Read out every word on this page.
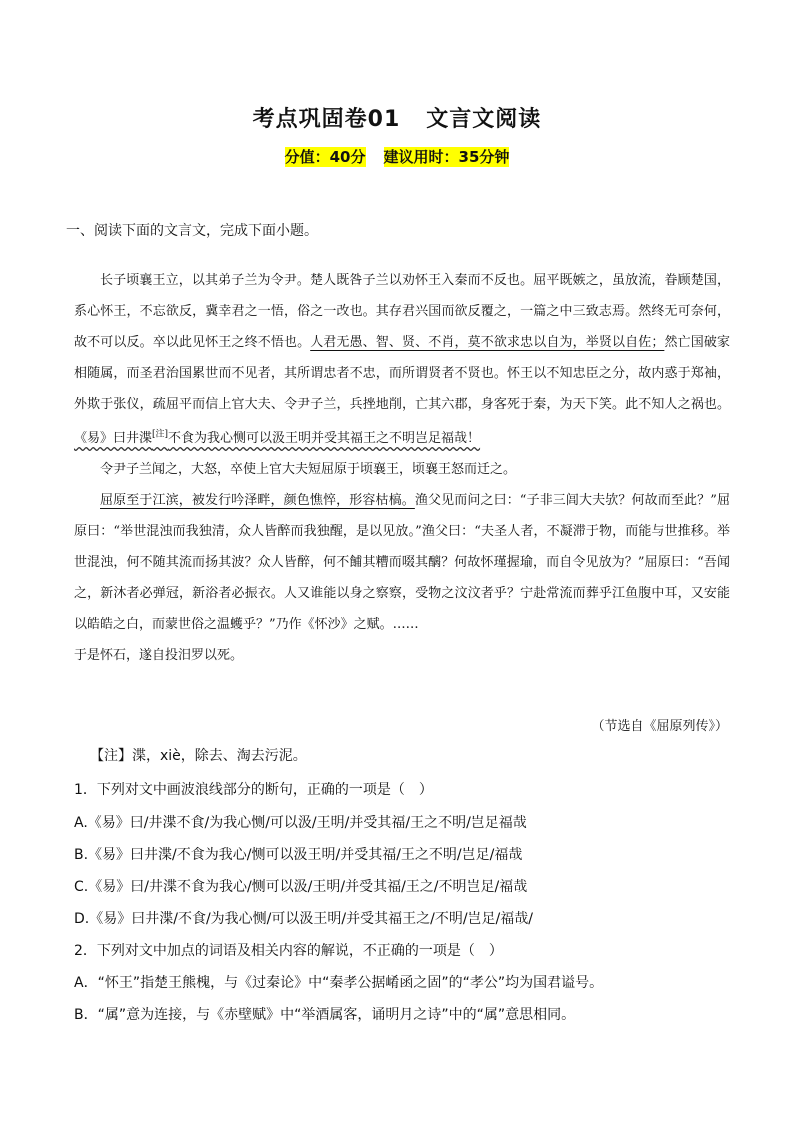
考点巩固卷01 文言文阅读
分值：40分 建议用时：35分钟
一、阅读下面的文言文，完成下面小题。

长子顷襄王立，以其弟子兰为令尹。楚人既咎子兰以劝怀王入秦而不反也。屈平既嫉之，虽放流，眷顾楚国，系心怀王，不忘欲反，冀幸君之一悟，俗之一改也。其存君兴国而欲反覆之，一篇之中三致志焉。然终无可奈何，故不可以反。卒以此见怀王之终不悟也。人君无愚、智、贤、不肖，莫不欲求忠以自为，举贤以自佐；然亡国破家相随属，而圣君治国累世而不见者，其所谓忠者不忠，而所谓贤者不贤也。怀王以不知忠臣之分，故内惑于郑袖，外欺于张仪，疏屈平而信上官大夫、令尹子兰，兵挫地削，亡其六郡，身客死于秦，为天下笑。此不知人之祸也。《易》曰井渫[注]不食为我心恻可以汲王明并受其福王之不明岂足福哉！

令尹子兰闻之，大怒，卒使上官大夫短屈原于顷襄王，顷襄王怒而迁之。

屈原至于江滨，被发行吟泽畔，颜色憔悴，形容枯槁。渔父见而问之曰：“子非三闾大夫欤？何故而至此？”屈原曰：“举世混浊而我独清，众人皆醉而我独醒，是以见放。”渔父曰：“夫圣人者，不凝滞于物，而能与世推移。举世混浊，何不随其流而扬其波？众人皆醉，何不餔其糟而啜其醨？何故怀瑾握瑜，而自令见放为？”屈原曰：“吾闻之，新沐者必弹冠，新浴者必振衣。人又谁能以身之察察，受物之汶汶者乎？宁赴常流而葬乎江鱼腹中耳，又安能以皓皓之白，而蒙世俗之温蠖乎？”乃作《怀沙》之赋。……

于是怀石，遂自投汨罗以死。

（节选自《屈原列传》）
【注】渫，xiè，除去、淘去污泥。
1．下列对文中画波浪线部分的断句，正确的一项是（　）
A.《易》曰/井渫不食/为我心恻/可以汲/王明/并受其福/王之不明/岂足福哉
B.《易》曰井渫/不食为我心/恻可以汲王明/并受其福/王之不明/岂足/福哉
C.《易》曰/井渫不食为我心/恻可以汲/王明/并受其福/王之/不明岂足/福哉
D.《易》曰井渫/不食/为我心恻/可以汲王明/并受其福王之/不明/岂足/福哉/
2．下列对文中加点的词语及相关内容的解说，不正确的一项是（　）
A．“怀王”指楚王熊槐，与《过秦论》中“秦孝公据崤函之固”的“孝公”均为国君谥号。
B．“属”意为连接，与《赤壁赋》中“举酒属客，诵明月之诗”中的“属”意思相同。
